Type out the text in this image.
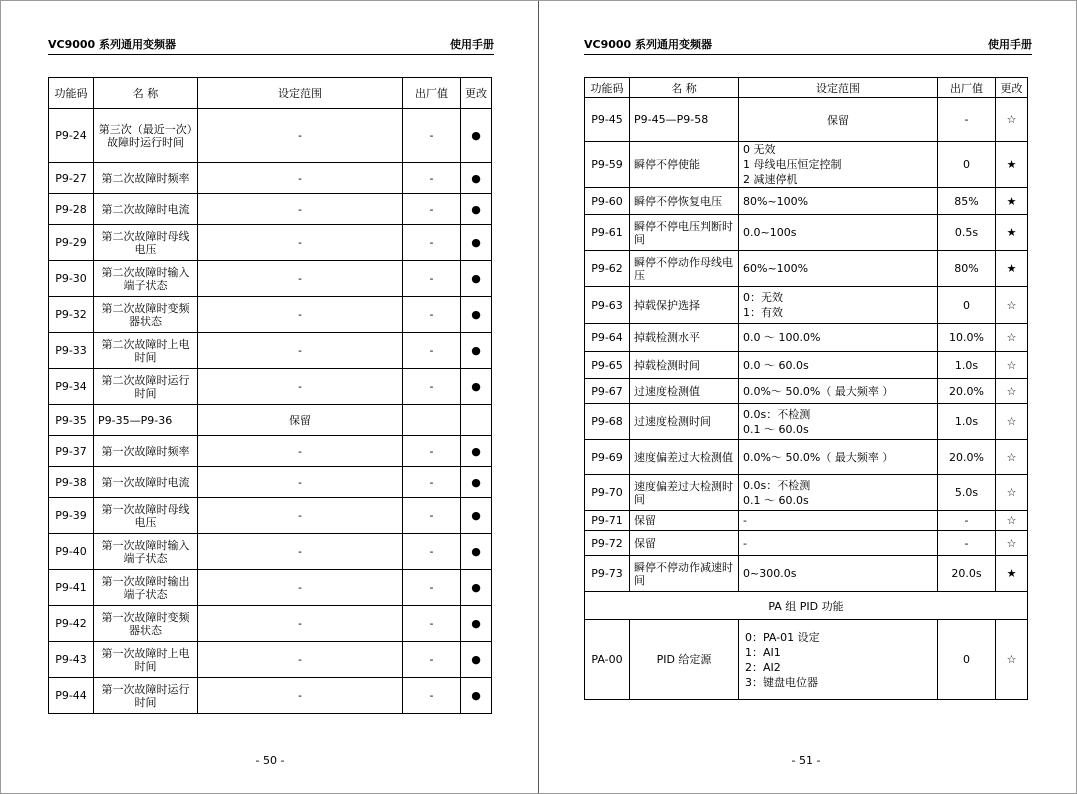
VC9000 系列通用变频器	使用手册
功能码	名 称	设定范围	出厂值	更改
P9-24	第三次（最近一次）故障时运行时间	-	-	●
P9-27	第二次故障时频率	-	-	●
P9-28	第二次故障时电流	-	-	●
P9-29	第二次故障时母线电压	-	-	●
P9-30	第二次故障时输入端子状态	-	-	●
P9-32	第二次故障时变频器状态	-	-	●
P9-33	第二次故障时上电时间	-	-	●
P9-34	第二次故障时运行时间	-	-	●
P9-35	P9-35—P9-36	保留		
P9-37	第一次故障时频率	-	-	●
P9-38	第一次故障时电流	-	-	●
P9-39	第一次故障时母线电压	-	-	●
P9-40	第一次故障时输入端子状态	-	-	●
P9-41	第一次故障时输出端子状态	-	-	●
P9-42	第一次故障时变频器状态	-	-	●
P9-43	第一次故障时上电时间	-	-	●
P9-44	第一次故障时运行时间	-	-	●
- 50 -
VC9000 系列通用变频器	使用手册
功能码	名 称	设定范围	出厂值	更改
P9-45	P9-45—P9-58	保留	-	☆
P9-59	瞬停不停使能	0 无效
1 母线电压恒定控制
2 减速停机	0	★
P9-60	瞬停不停恢复电压	80%~100%	85%	★
P9-61	瞬停不停电压判断时间	0.0~100s	0.5s	★
P9-62	瞬停不停动作母线电压	60%~100%	80%	★
P9-63	掉载保护选择	0：无效
1：有效	0	☆
P9-64	掉载检测水平	0.0 ～ 100.0%	10.0%	☆
P9-65	掉载检测时间	0.0 ～ 60.0s	1.0s	☆
P9-67	过速度检测值	0.0%～ 50.0%（ 最大频率 ）	20.0%	☆
P9-68	过速度检测时间	0.0s：不检测
0.1 ～ 60.0s	1.0s	☆
P9-69	速度偏差过大检测值	0.0%～ 50.0%（ 最大频率 ）	20.0%	☆
P9-70	速度偏差过大检测时间	0.0s：不检测
0.1 ～ 60.0s	5.0s	☆
P9-71	保留	-	-	☆
P9-72	保留	-	-	☆
P9-73	瞬停不停动作减速时间	0~300.0s	20.0s	★
PA 组 PID 功能				
PA-00	PID 给定源	0：PA-01 设定
1：AI1
2：AI2
3：键盘电位器	0	☆
- 51 -
